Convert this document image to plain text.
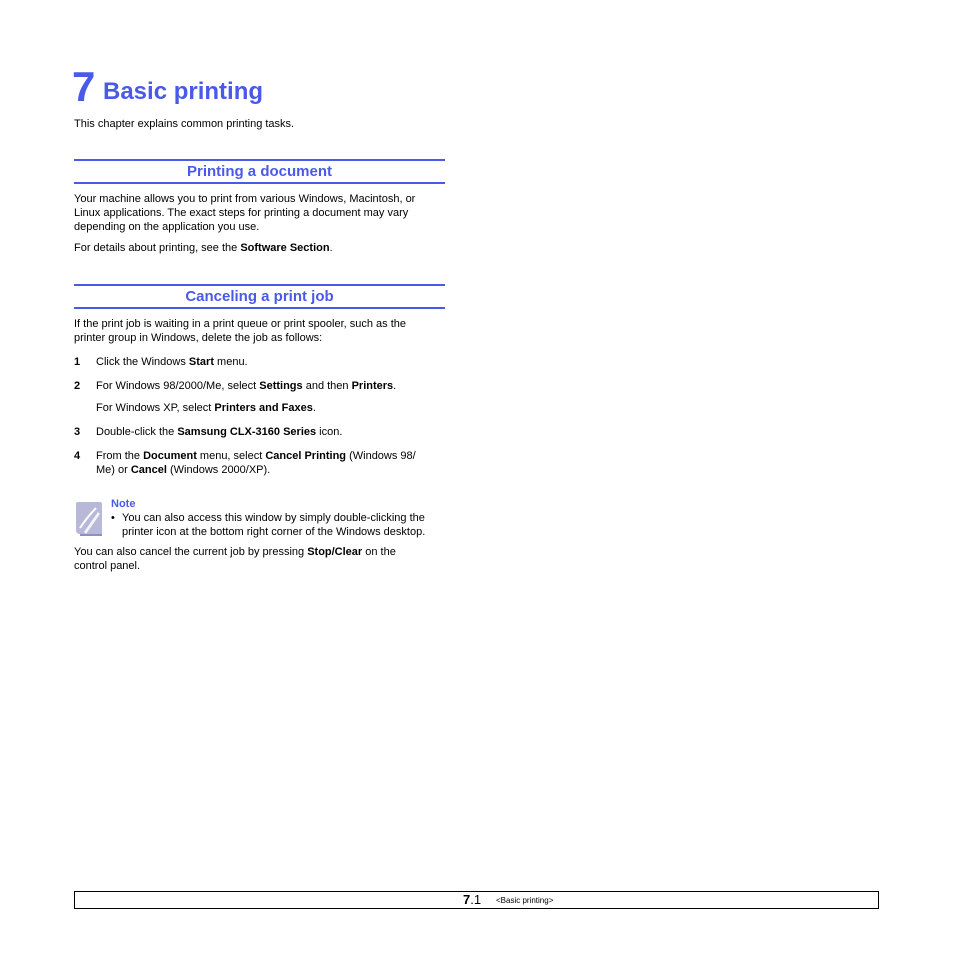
7 Basic printing
This chapter explains common printing tasks.
Printing a document
Your machine allows you to print from various Windows, Macintosh, or
Linux applications. The exact steps for printing a document may vary
depending on the application you use.
For details about printing, see the Software Section.
Canceling a print job
If the print job is waiting in a print queue or print spooler, such as the
printer group in Windows, delete the job as follows:
1 Click the Windows Start menu.
2 For Windows 98/2000/Me, select Settings and then Printers.
For Windows XP, select Printers and Faxes.
3 Double-click the Samsung CLX-3160 Series icon.
4 From the Document menu, select Cancel Printing (Windows 98/
Me) or Cancel (Windows 2000/XP).
Note
• You can also access this window by simply double-clicking the
printer icon at the bottom right corner of the Windows desktop.
You can also cancel the current job by pressing Stop/Clear on the
control panel.
7.1 <Basic printing>
